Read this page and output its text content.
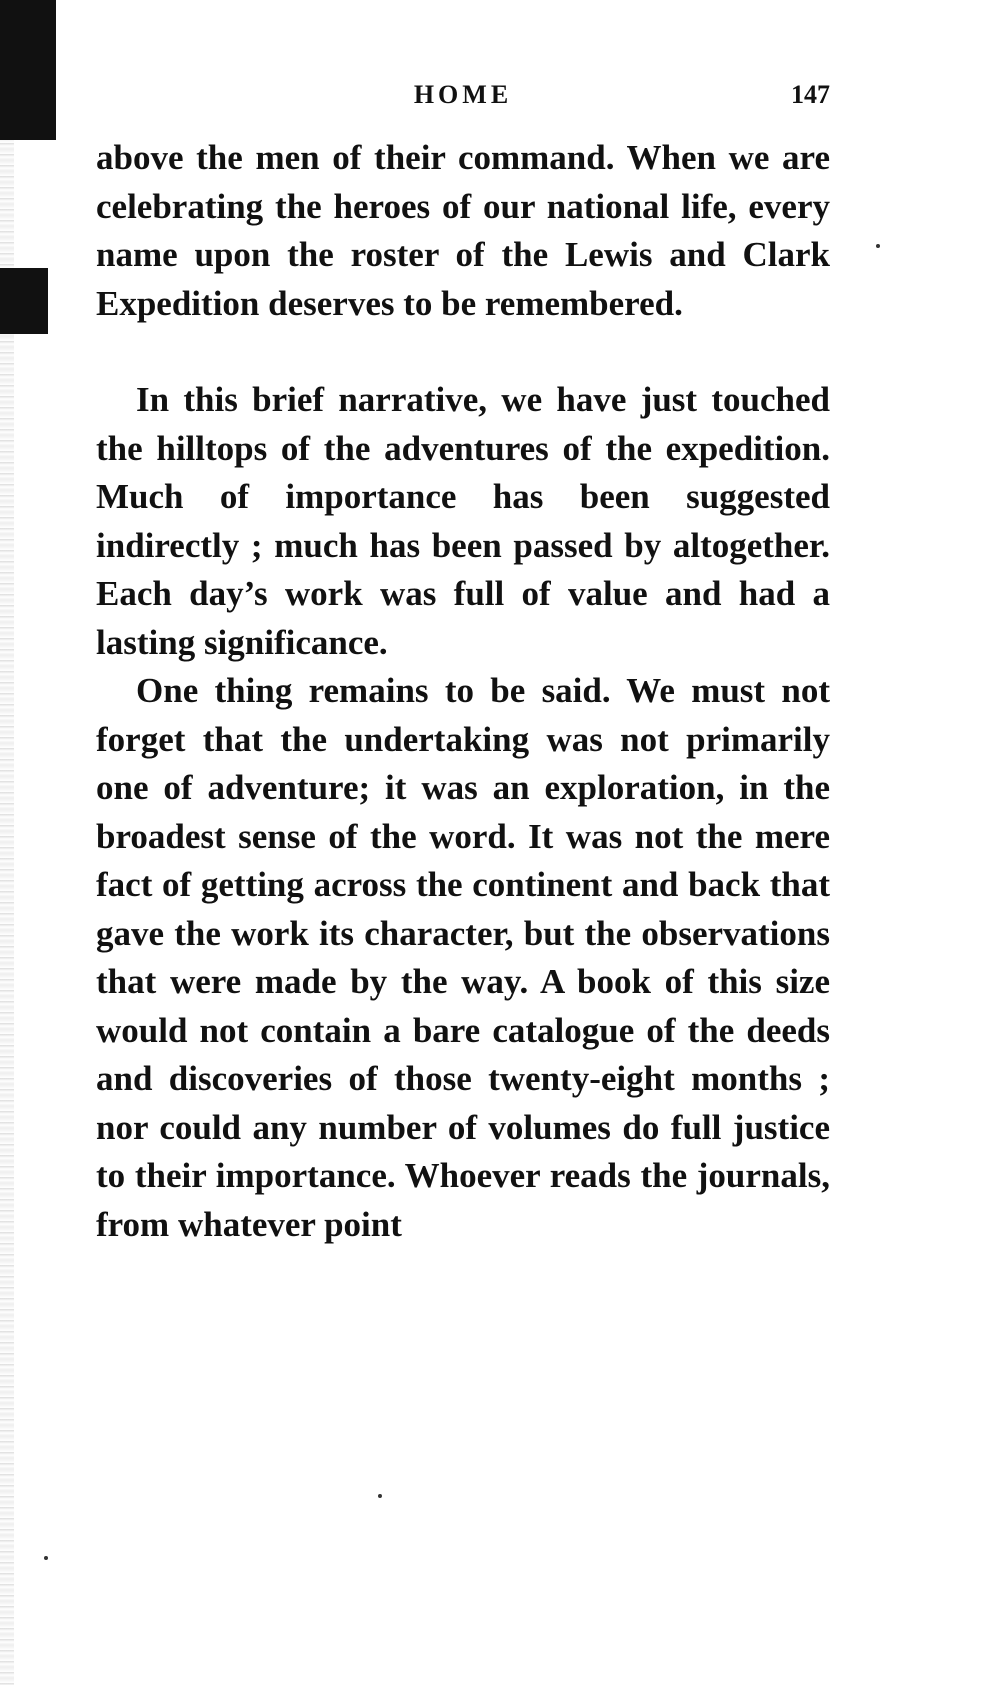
HOME	147

above the men of their command. When we are celebrating the heroes of our national life, every name upon the roster of the Lewis and Clark Expedition deserves to be remembered.

In this brief narrative, we have just touched the hilltops of the adventures of the expedition. Much of importance has been suggested indirectly ; much has been passed by altogether. Each day’s work was full of value and had a lasting significance.

One thing remains to be said. We must not forget that the undertaking was not primarily one of adventure; it was an exploration, in the broadest sense of the word. It was not the mere fact of getting across the continent and back that gave the work its character, but the observations that were made by the way. A book of this size would not contain a bare catalogue of the deeds and discoveries of those twenty-eight months ; nor could any number of volumes do full justice to their importance. Whoever reads the journals, from whatever point
